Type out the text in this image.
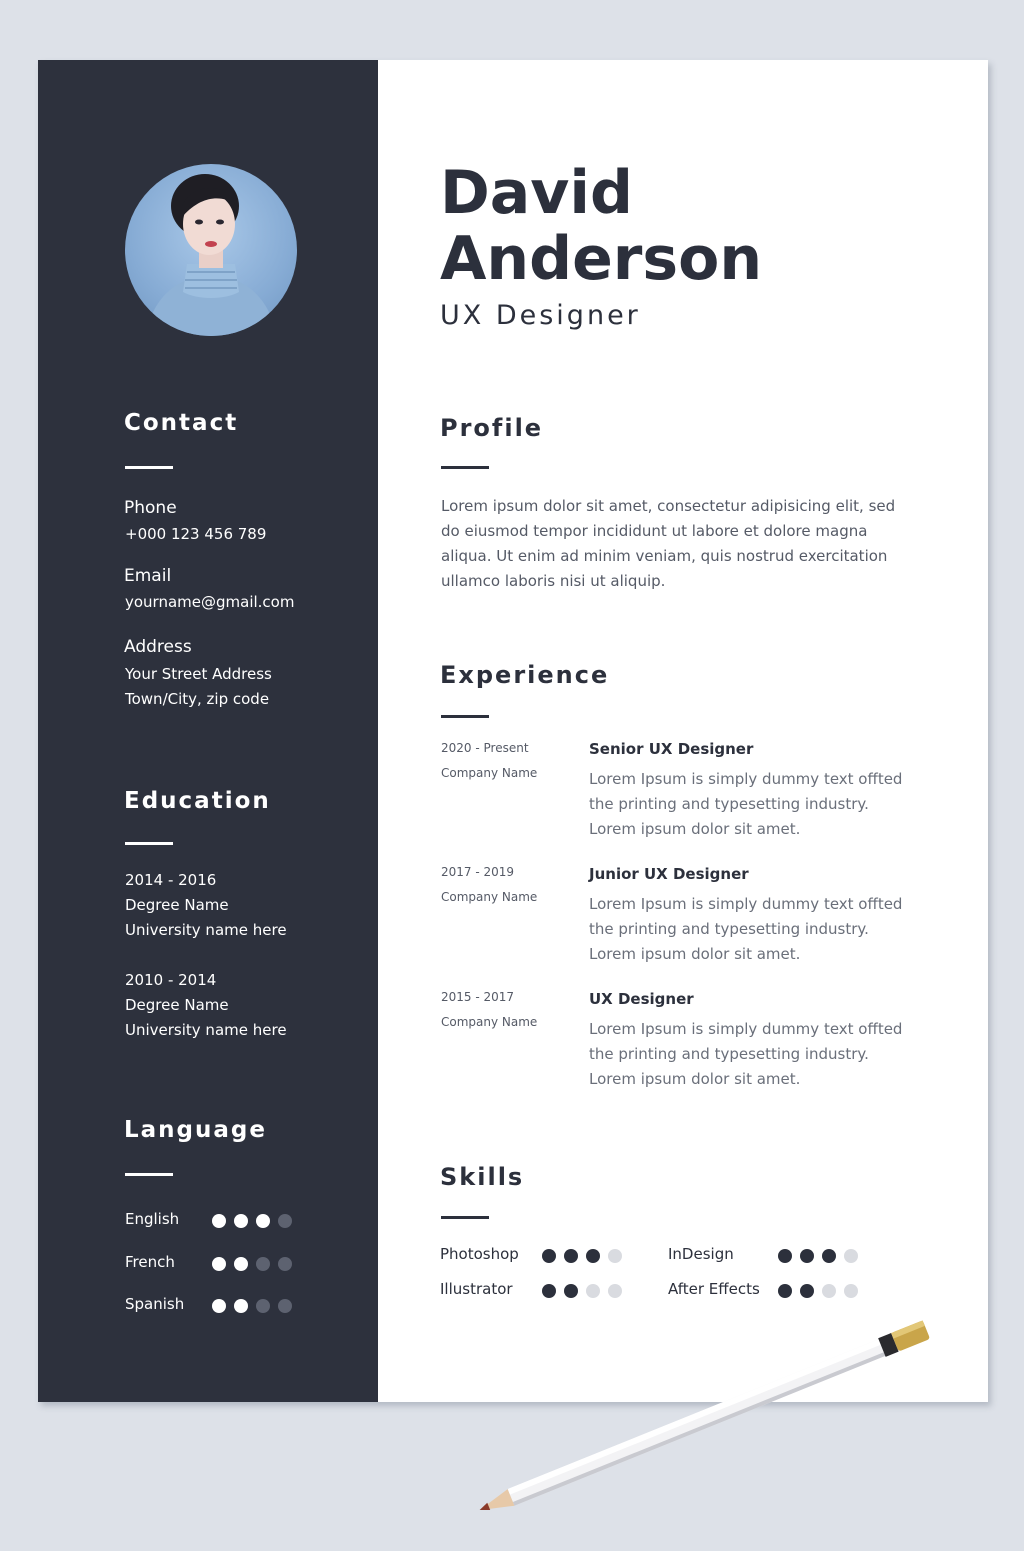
Contact

Phone

+000 123 456 789

Email

yourname@gmail.com

Address

Your Street Address

Town/City, zip code

Education

2014 - 2016

Degree Name

University name here

2010 - 2014

Degree Name

University name here

Language
English
French
Spanish
David
Anderson

UX Designer

Profile

Lorem ipsum dolor sit amet, consectetur adipisicing elit, sed do eiusmod tempor incididunt ut labore et dolore magna aliqua. Ut enim ad minim veniam, quis nostrud exercitation ullamco laboris nisi ut aliquip.

Experience

2020 - Present

Company Name

Senior UX Designer

Lorem Ipsum is simply dummy text offted the printing and typesetting industry. Lorem ipsum dolor sit amet.

2017 - 2019

Company Name

Junior UX Designer

Lorem Ipsum is simply dummy text offted the printing and typesetting industry. Lorem ipsum dolor sit amet.

2015 - 2017

Company Name

UX Designer

Lorem Ipsum is simply dummy text offted the printing and typesetting industry. Lorem ipsum dolor sit amet.

Skills
Photoshop	InDesign
Illustrator	After Effects
